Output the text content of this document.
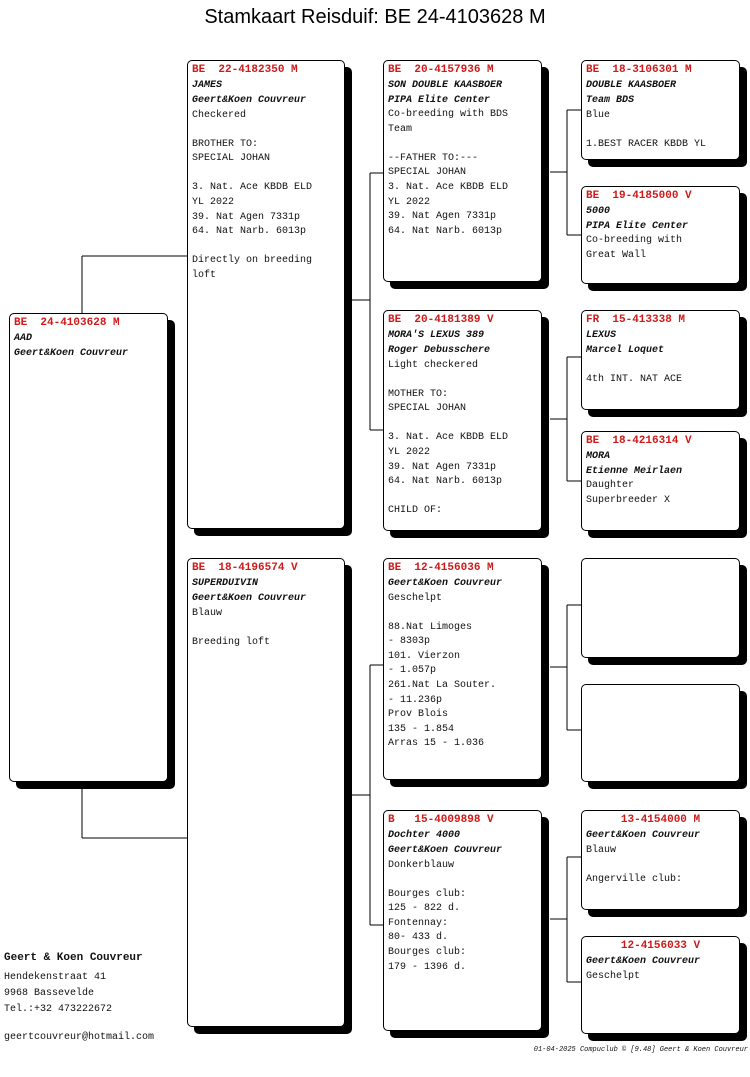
Stamkaart Reisduif: BE 24-4103628 M
BE  24-4103628 M
AAD
Geert&Koen Couvreur
BE  22-4182350 M
JAMES
Geert&Koen Couvreur
Checkered
BROTHER TO:
SPECIAL JOHAN
3. Nat. Ace KBDB ELD
YL 2022
39. Nat Agen 7331p
64. Nat Narb. 6013p
Directly on breeding
loft
BE  18-4196574 V
SUPERDUIVIN
Geert&Koen Couvreur
Blauw
Breeding loft
BE  20-4157936 M
SON DOUBLE KAASBOER
PIPA Elite Center
Co-breeding with BDS
Team
--FATHER TO:---
SPECIAL JOHAN
3. Nat. Ace KBDB ELD
YL 2022
39. Nat Agen 7331p
64. Nat Narb. 6013p
BE  20-4181389 V
MORA'S LEXUS 389
Roger Debusschere
Light checkered
MOTHER TO:
SPECIAL JOHAN
3. Nat. Ace KBDB ELD
YL 2022
39. Nat Agen 7331p
64. Nat Narb. 6013p
CHILD OF:
BE  12-4156036 M
Geert&Koen Couvreur
Geschelpt
88.Nat Limoges
- 8303p
101. Vierzon
- 1.057p
261.Nat La Souter.
- 11.236p
Prov Blois
135 - 1.854
Arras 15 - 1.036
B   15-4009898 V
Dochter 4000
Geert&Koen Couvreur
Donkerblauw
Bourges club:
125 - 822 d.
Fontennay:
80- 433 d.
Bourges club:
179 - 1396 d.
BE  18-3106301 M
DOUBLE KAASBOER
Team BDS
Blue
1.BEST RACER KBDB YL
BE  19-4185000 V
5000
PIPA Elite Center
Co-breeding with
Great Wall
FR  15-413338 M
LEXUS
Marcel Loquet
4th INT. NAT ACE
BE  18-4216314 V
MORA
Etienne Meirlaen
Daughter
Superbreeder X
13-4154000 M
Geert&Koen Couvreur
Blauw
Angerville club:
12-4156033 V
Geert&Koen Couvreur
Geschelpt
Geert & Koen Couvreur
Hendekenstraat 41
9968 Bassevelde
Tel.:+32 473222672
geertcouvreur@hotmail.com
01-04-2025 Compuclub © [9.48] Geert & Koen Couvreur
